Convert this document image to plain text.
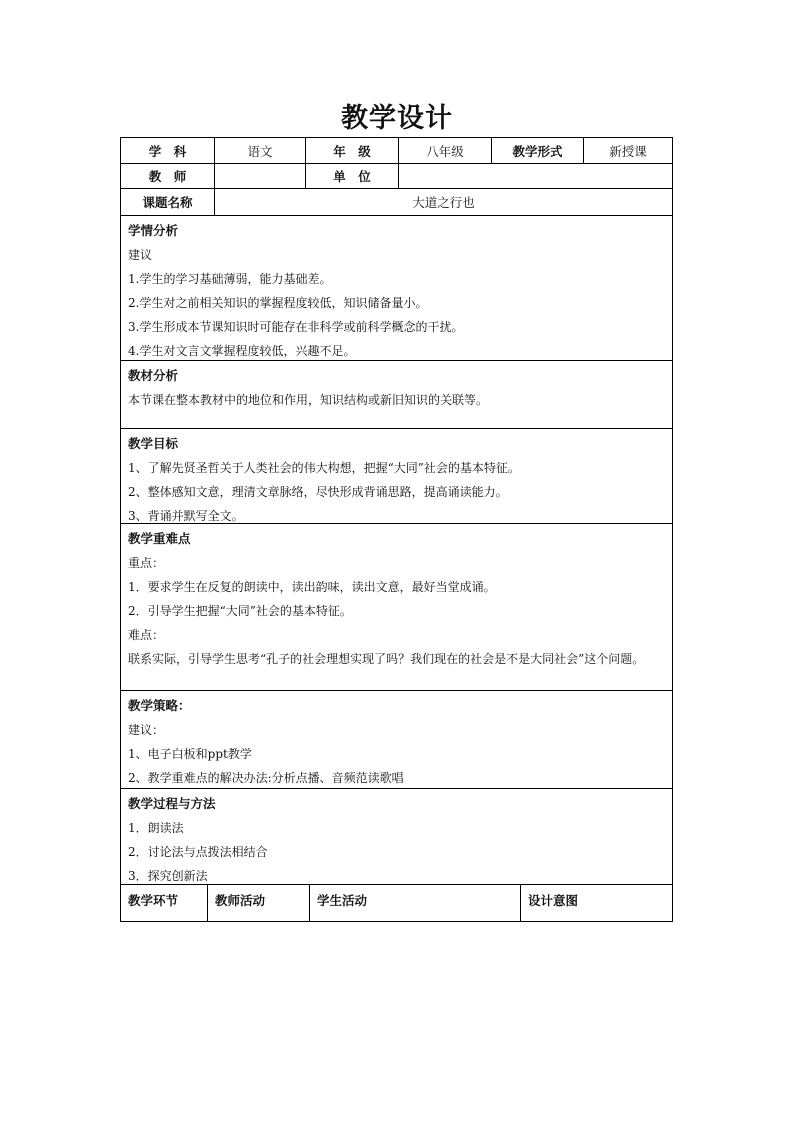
教学设计
学　科	语文	年　级	八年级	教学形式	新授课
教　师	单　位
课题名称	大道之行也
学情分析
建议
1.学生的学习基础薄弱，能力基础差。
2.学生对之前相关知识的掌握程度较低，知识储备量小。
3.学生形成本节课知识时可能存在非科学或前科学概念的干扰。
4.学生对文言文掌握程度较低，兴趣不足。
教材分析
本节课在整本教材中的地位和作用，知识结构或新旧知识的关联等。
教学目标
1、了解先贤圣哲关于人类社会的伟大构想，把握“大同”社会的基本特征。
2、整体感知文意，理清文章脉络，尽快形成背诵思路，提高诵读能力。
3、背诵并默写全文。
教学重难点
重点：
1．要求学生在反复的朗读中，读出韵味，读出文意，最好当堂成诵。
2．引导学生把握“大同”社会的基本特征。
难点：
联系实际，引导学生思考“孔子的社会理想实现了吗？我们现在的社会是不是大同社会”这个问题。
教学策略：
建议：
1、电子白板和ppt教学
2、教学重难点的解决办法:分析点播、音频范读歌唱
教学过程与方法
1．朗读法
2．讨论法与点拨法相结合
3．探究创新法
教学环节	教师活动	学生活动	设计意图
